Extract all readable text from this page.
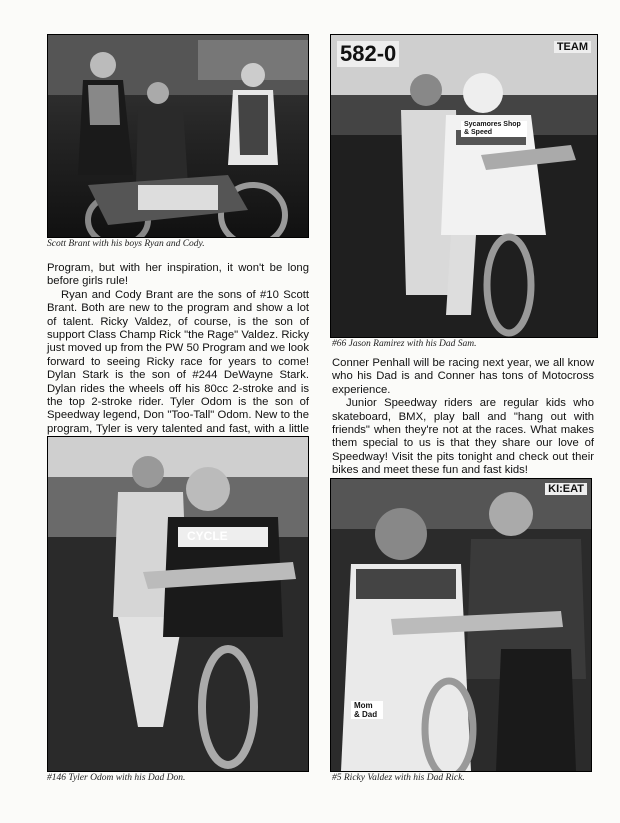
Scott Brant with his boys Ryan and Cody.
582-0	TEAM
Sycamores Shop & Speed
#66 Jason Ramirez with his Dad Sam.

Program, but with her inspiration, it won't be long before girls rule!

Ryan and Cody Brant are the sons of #10 Scott Brant. Both are new to the program and show a lot of talent. Ricky Valdez, of course, is the son of support Class Champ Rick "the Rage" Valdez. Ricky just moved up from the PW 50 Program and we look forward to seeing Ricky race for years to come! Dylan Stark is the son of #244 DeWayne Stark. Dylan rides the wheels off his 80cc 2-stroke and is the top 2-stroke rider. Tyler Odom is the son of Speedway legend, Don "Too-Tall" Odom. New to the program, Tyler is very talented and fast, with a little

Conner Penhall will be racing next year, we all know who his Dad is and Conner has tons of Motocross experience.

Junior Speedway riders are regular kids who skateboard, BMX, play ball and "hang out with friends" when they're not at the races. What makes them special to us is that they share our love of Speedway! Visit the pits tonight and check out their bikes and meet these fun and fast kids!

CYCLE
#146 Tyler Odom with his Dad Don.
KI:EAT
Mom & Dad
#5 Ricky Valdez with his Dad Rick.
